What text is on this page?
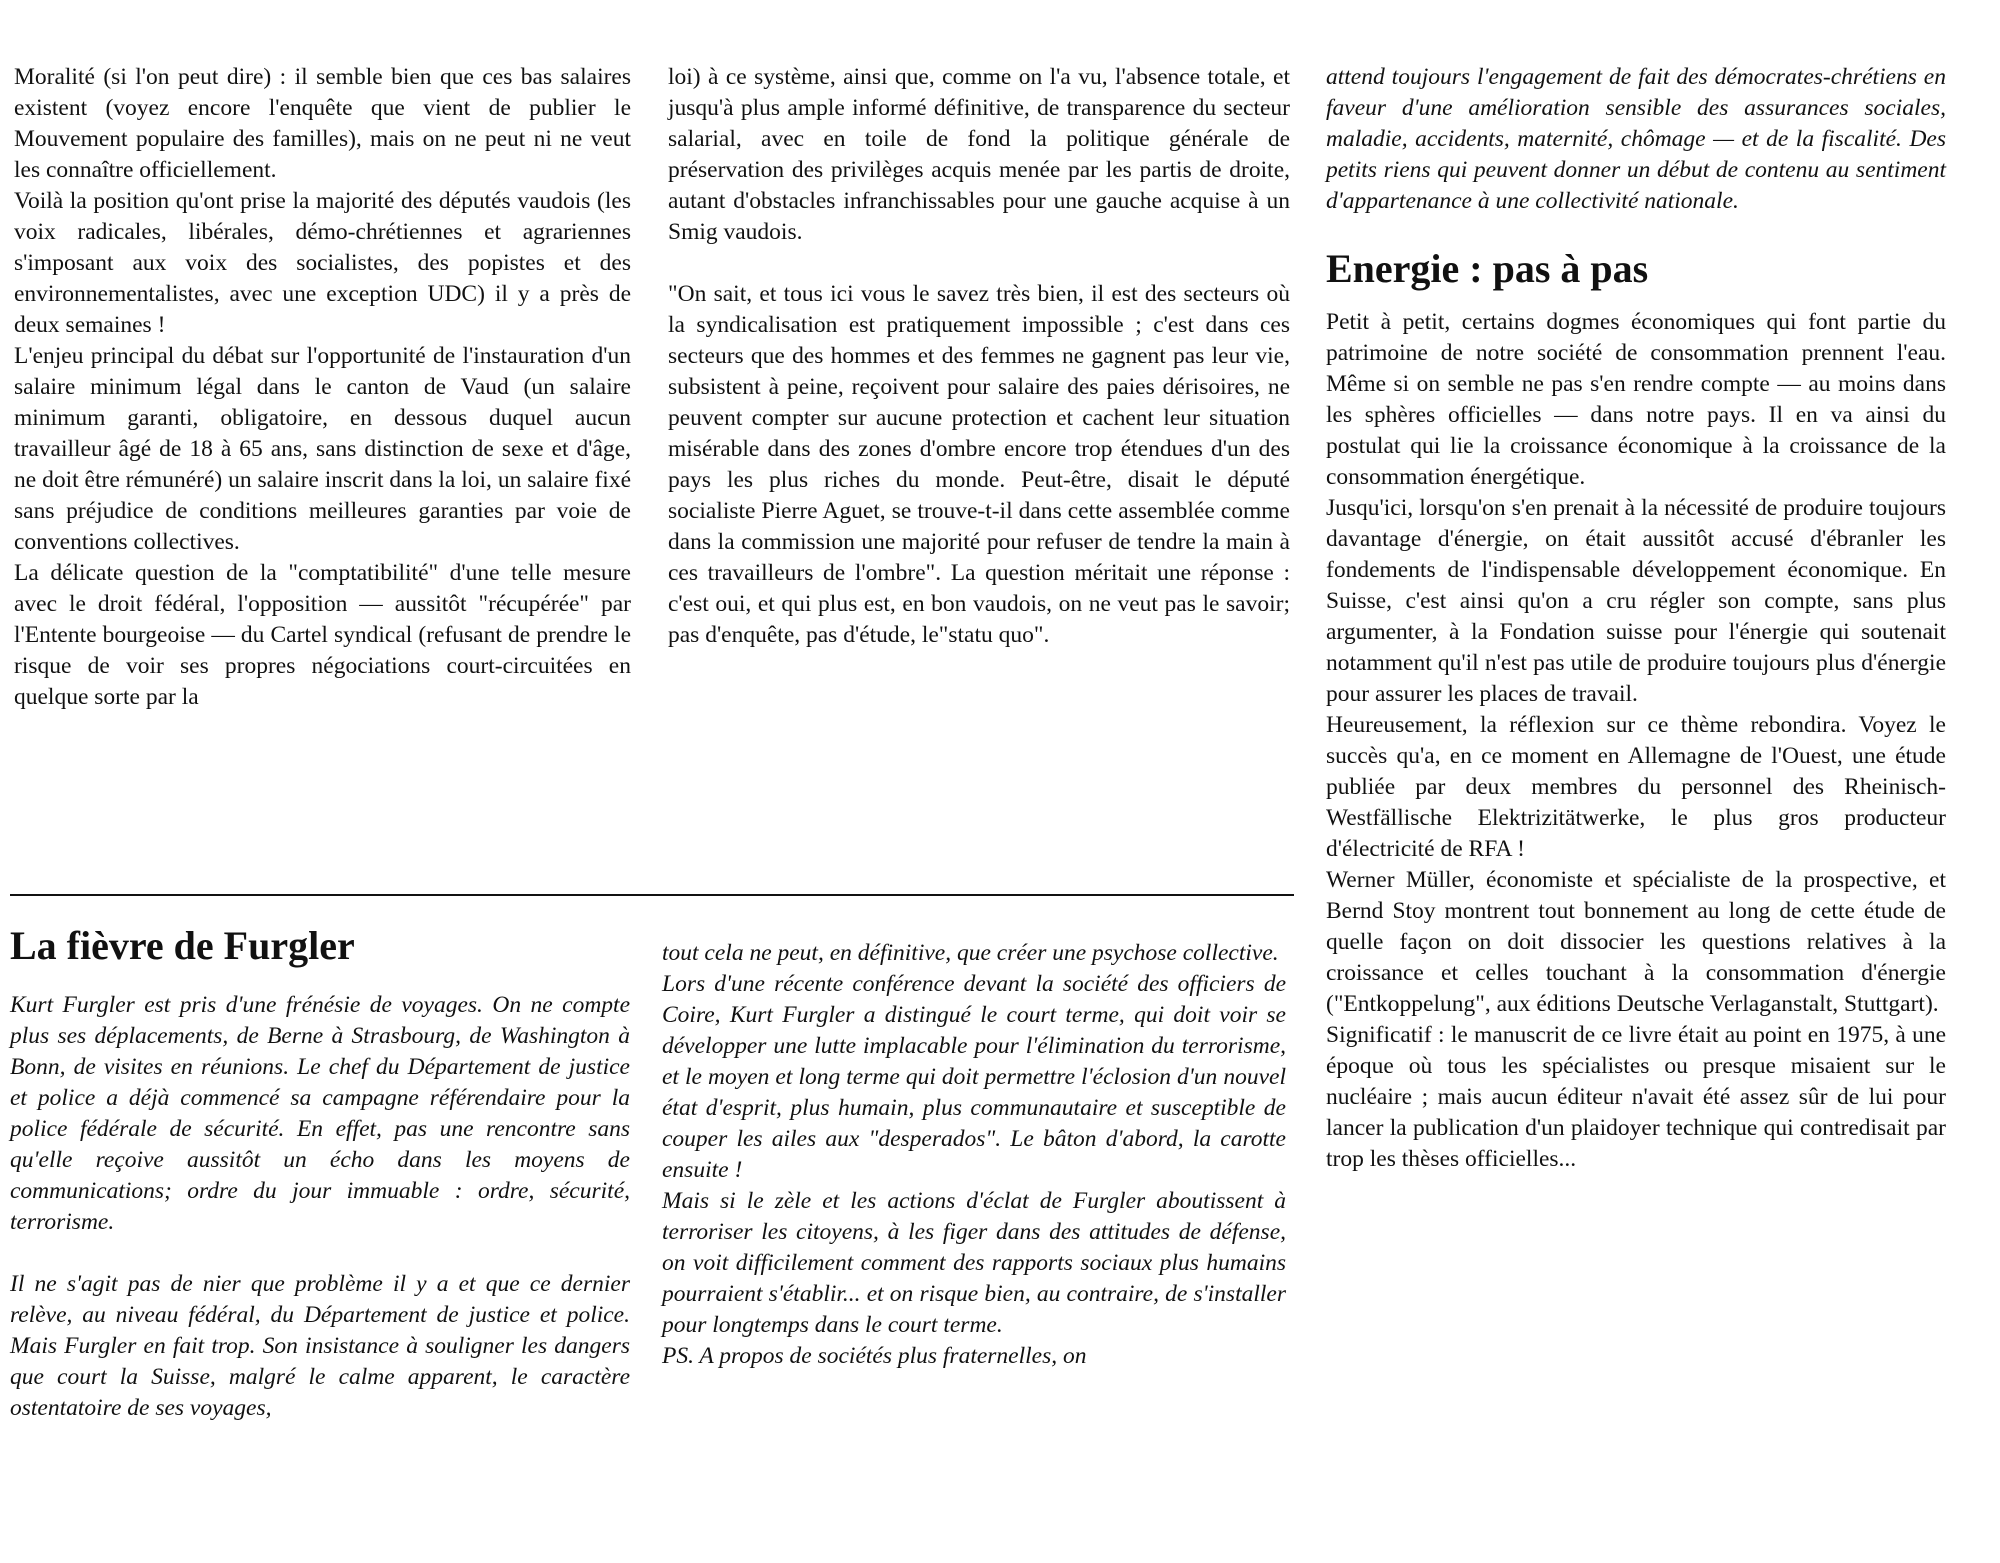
Moralité (si l'on peut dire) : il semble bien que ces bas salaires existent (voyez encore l'enquête que vient de publier le Mouvement populaire des familles), mais on ne peut ni ne veut les connaître officiellement.

Voilà la position qu'ont prise la majorité des députés vaudois (les voix radicales, libérales, démo-chrétiennes et agrariennes s'imposant aux voix des socialistes, des popistes et des environnementalistes, avec une exception UDC) il y a près de deux semaines !

L'enjeu principal du débat sur l'opportunité de l'instauration d'un salaire minimum légal dans le canton de Vaud (un salaire minimum garanti, obligatoire, en dessous duquel aucun travailleur âgé de 18 à 65 ans, sans distinction de sexe et d'âge, ne doit être rémunéré) un salaire inscrit dans la loi, un salaire fixé sans préjudice de conditions meilleures garanties par voie de conventions collectives.

La délicate question de la "comptatibilité" d'une telle mesure avec le droit fédéral, l'opposition — aussitôt "récupérée" par l'Entente bourgeoise — du Cartel syndical (refusant de prendre le risque de voir ses propres négociations court-circuitées en quelque sorte par la

loi) à ce système, ainsi que, comme on l'a vu, l'absence totale, et jusqu'à plus ample informé définitive, de transparence du secteur salarial, avec en toile de fond la politique générale de préservation des privilèges acquis menée par les partis de droite, autant d'obstacles infranchissables pour une gauche acquise à un Smig vaudois.

"On sait, et tous ici vous le savez très bien, il est des secteurs où la syndicalisation est pratiquement impossible ; c'est dans ces secteurs que des hommes et des femmes ne gagnent pas leur vie, subsistent à peine, reçoivent pour salaire des paies dérisoires, ne peuvent compter sur aucune protection et cachent leur situation misérable dans des zones d'ombre encore trop étendues d'un des pays les plus riches du monde. Peut-être, disait le député socialiste Pierre Aguet, se trouve-t-il dans cette assemblée comme dans la commission une majorité pour refuser de tendre la main à ces travailleurs de l'ombre". La question méritait une réponse : c'est oui, et qui plus est, en bon vaudois, on ne veut pas le savoir; pas d'enquête, pas d'étude, le"statu quo".

La fièvre de Furgler

Kurt Furgler est pris d'une frénésie de voyages. On ne compte plus ses déplacements, de Berne à Strasbourg, de Washington à Bonn, de visites en réunions. Le chef du Département de justice et police a déjà commencé sa campagne référendaire pour la police fédérale de sécurité. En effet, pas une rencontre sans qu'elle reçoive aussitôt un écho dans les moyens de communications; ordre du jour immuable : ordre, sécurité, terrorisme.

Il ne s'agit pas de nier que problème il y a et que ce dernier relève, au niveau fédéral, du Département de justice et police. Mais Furgler en fait trop. Son insistance à souligner les dangers que court la Suisse, malgré le calme apparent, le caractère ostentatoire de ses voyages,

tout cela ne peut, en définitive, que créer une psychose collective.

Lors d'une récente conférence devant la société des officiers de Coire, Kurt Furgler a distingué le court terme, qui doit voir se développer une lutte implacable pour l'élimination du terrorisme, et le moyen et long terme qui doit permettre l'éclosion d'un nouvel état d'esprit, plus humain, plus communautaire et susceptible de couper les ailes aux "desperados". Le bâton d'abord, la carotte ensuite !

Mais si le zèle et les actions d'éclat de Furgler aboutissent à terroriser les citoyens, à les figer dans des attitudes de défense, on voit difficilement comment des rapports sociaux plus humains pourraient s'établir... et on risque bien, au contraire, de s'installer pour longtemps dans le court terme.

PS. A propos de sociétés plus fraternelles, on

attend toujours l'engagement de fait des démocrates-chrétiens en faveur d'une amélioration sensible des assurances sociales, maladie, accidents, maternité, chômage — et de la fiscalité. Des petits riens qui peuvent donner un début de contenu au sentiment d'appartenance à une collectivité nationale.

Energie : pas à pas

Petit à petit, certains dogmes économiques qui font partie du patrimoine de notre société de consommation prennent l'eau. Même si on semble ne pas s'en rendre compte — au moins dans les sphères officielles — dans notre pays. Il en va ainsi du postulat qui lie la croissance économique à la croissance de la consommation énergétique.

Jusqu'ici, lorsqu'on s'en prenait à la nécessité de produire toujours davantage d'énergie, on était aussitôt accusé d'ébranler les fondements de l'indispensable développement économique. En Suisse, c'est ainsi qu'on a cru régler son compte, sans plus argumenter, à la Fondation suisse pour l'énergie qui soutenait notamment qu'il n'est pas utile de produire toujours plus d'énergie pour assurer les places de travail.

Heureusement, la réflexion sur ce thème rebondira. Voyez le succès qu'a, en ce moment en Allemagne de l'Ouest, une étude publiée par deux membres du personnel des Rheinisch-Westfällische Elektrizitätwerke, le plus gros producteur d'électricité de RFA !

Werner Müller, économiste et spécialiste de la prospective, et Bernd Stoy montrent tout bonnement au long de cette étude de quelle façon on doit dissocier les questions relatives à la croissance et celles touchant à la consommation d'énergie ("Entkoppelung", aux éditions Deutsche Verlaganstalt, Stuttgart).

Significatif : le manuscrit de ce livre était au point en 1975, à une époque où tous les spécialistes ou presque misaient sur le nucléaire ; mais aucun éditeur n'avait été assez sûr de lui pour lancer la publication d'un plaidoyer technique qui contredisait par trop les thèses officielles...
